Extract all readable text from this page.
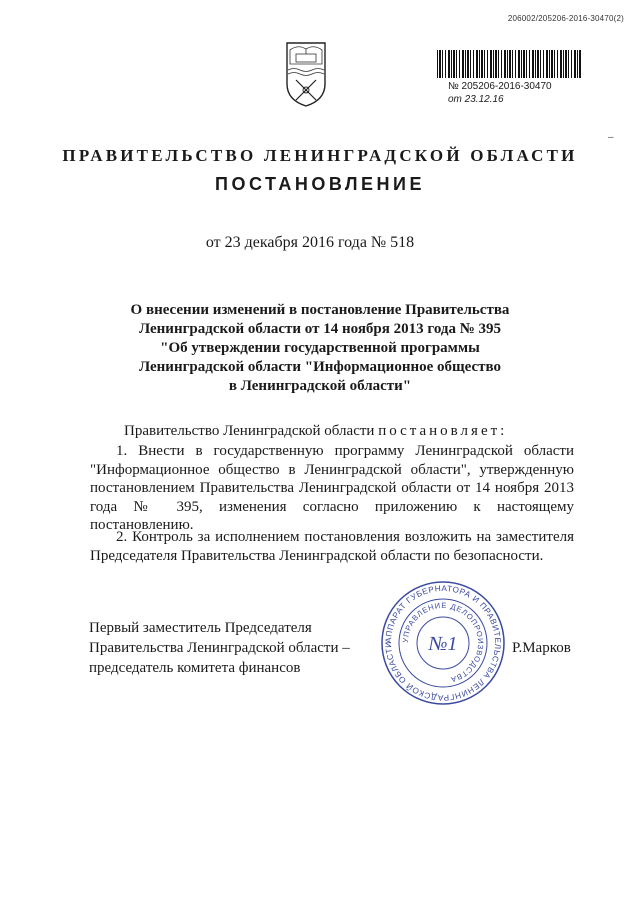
206002/205206-2016-30470(2)
№ 205206-2016-30470
от 23.12.16
–
ПРАВИТЕЛЬСТВО ЛЕНИНГРАДСКОЙ ОБЛАСТИ
ПОСТАНОВЛЕНИЕ
от 23 декабря 2016 года № 518
О внесении изменений в постановление Правительства
Ленинградской области от 14 ноября 2013 года № 395
"Об утверждении государственной программы
Ленинградской области "Информационное общество
в Ленинградской области"
Правительство Ленинградской области постановляет:
1. Внести в государственную программу Ленинградской области "Информационное общество в Ленинградской области", утвержденную постановлением Правительства Ленинградской области от 14 ноября 2013 года № 395, изменения согласно приложению к настоящему постановлению.
2. Контроль за исполнением постановления возложить на заместителя Председателя Правительства Ленинградской области по безопасности.
Первый заместитель Председателя
Правительства Ленинградской области –
председатель комитета финансов
Р.Марков
АППАРАТ ГУБЕРНАТОРА И ПРАВИТЕЛЬСТВА ЛЕНИНГРАДСКОЙ ОБЛАСТИ
УПРАВЛЕНИЕ ДЕЛОПРОИЗВОДСТВА
№1
